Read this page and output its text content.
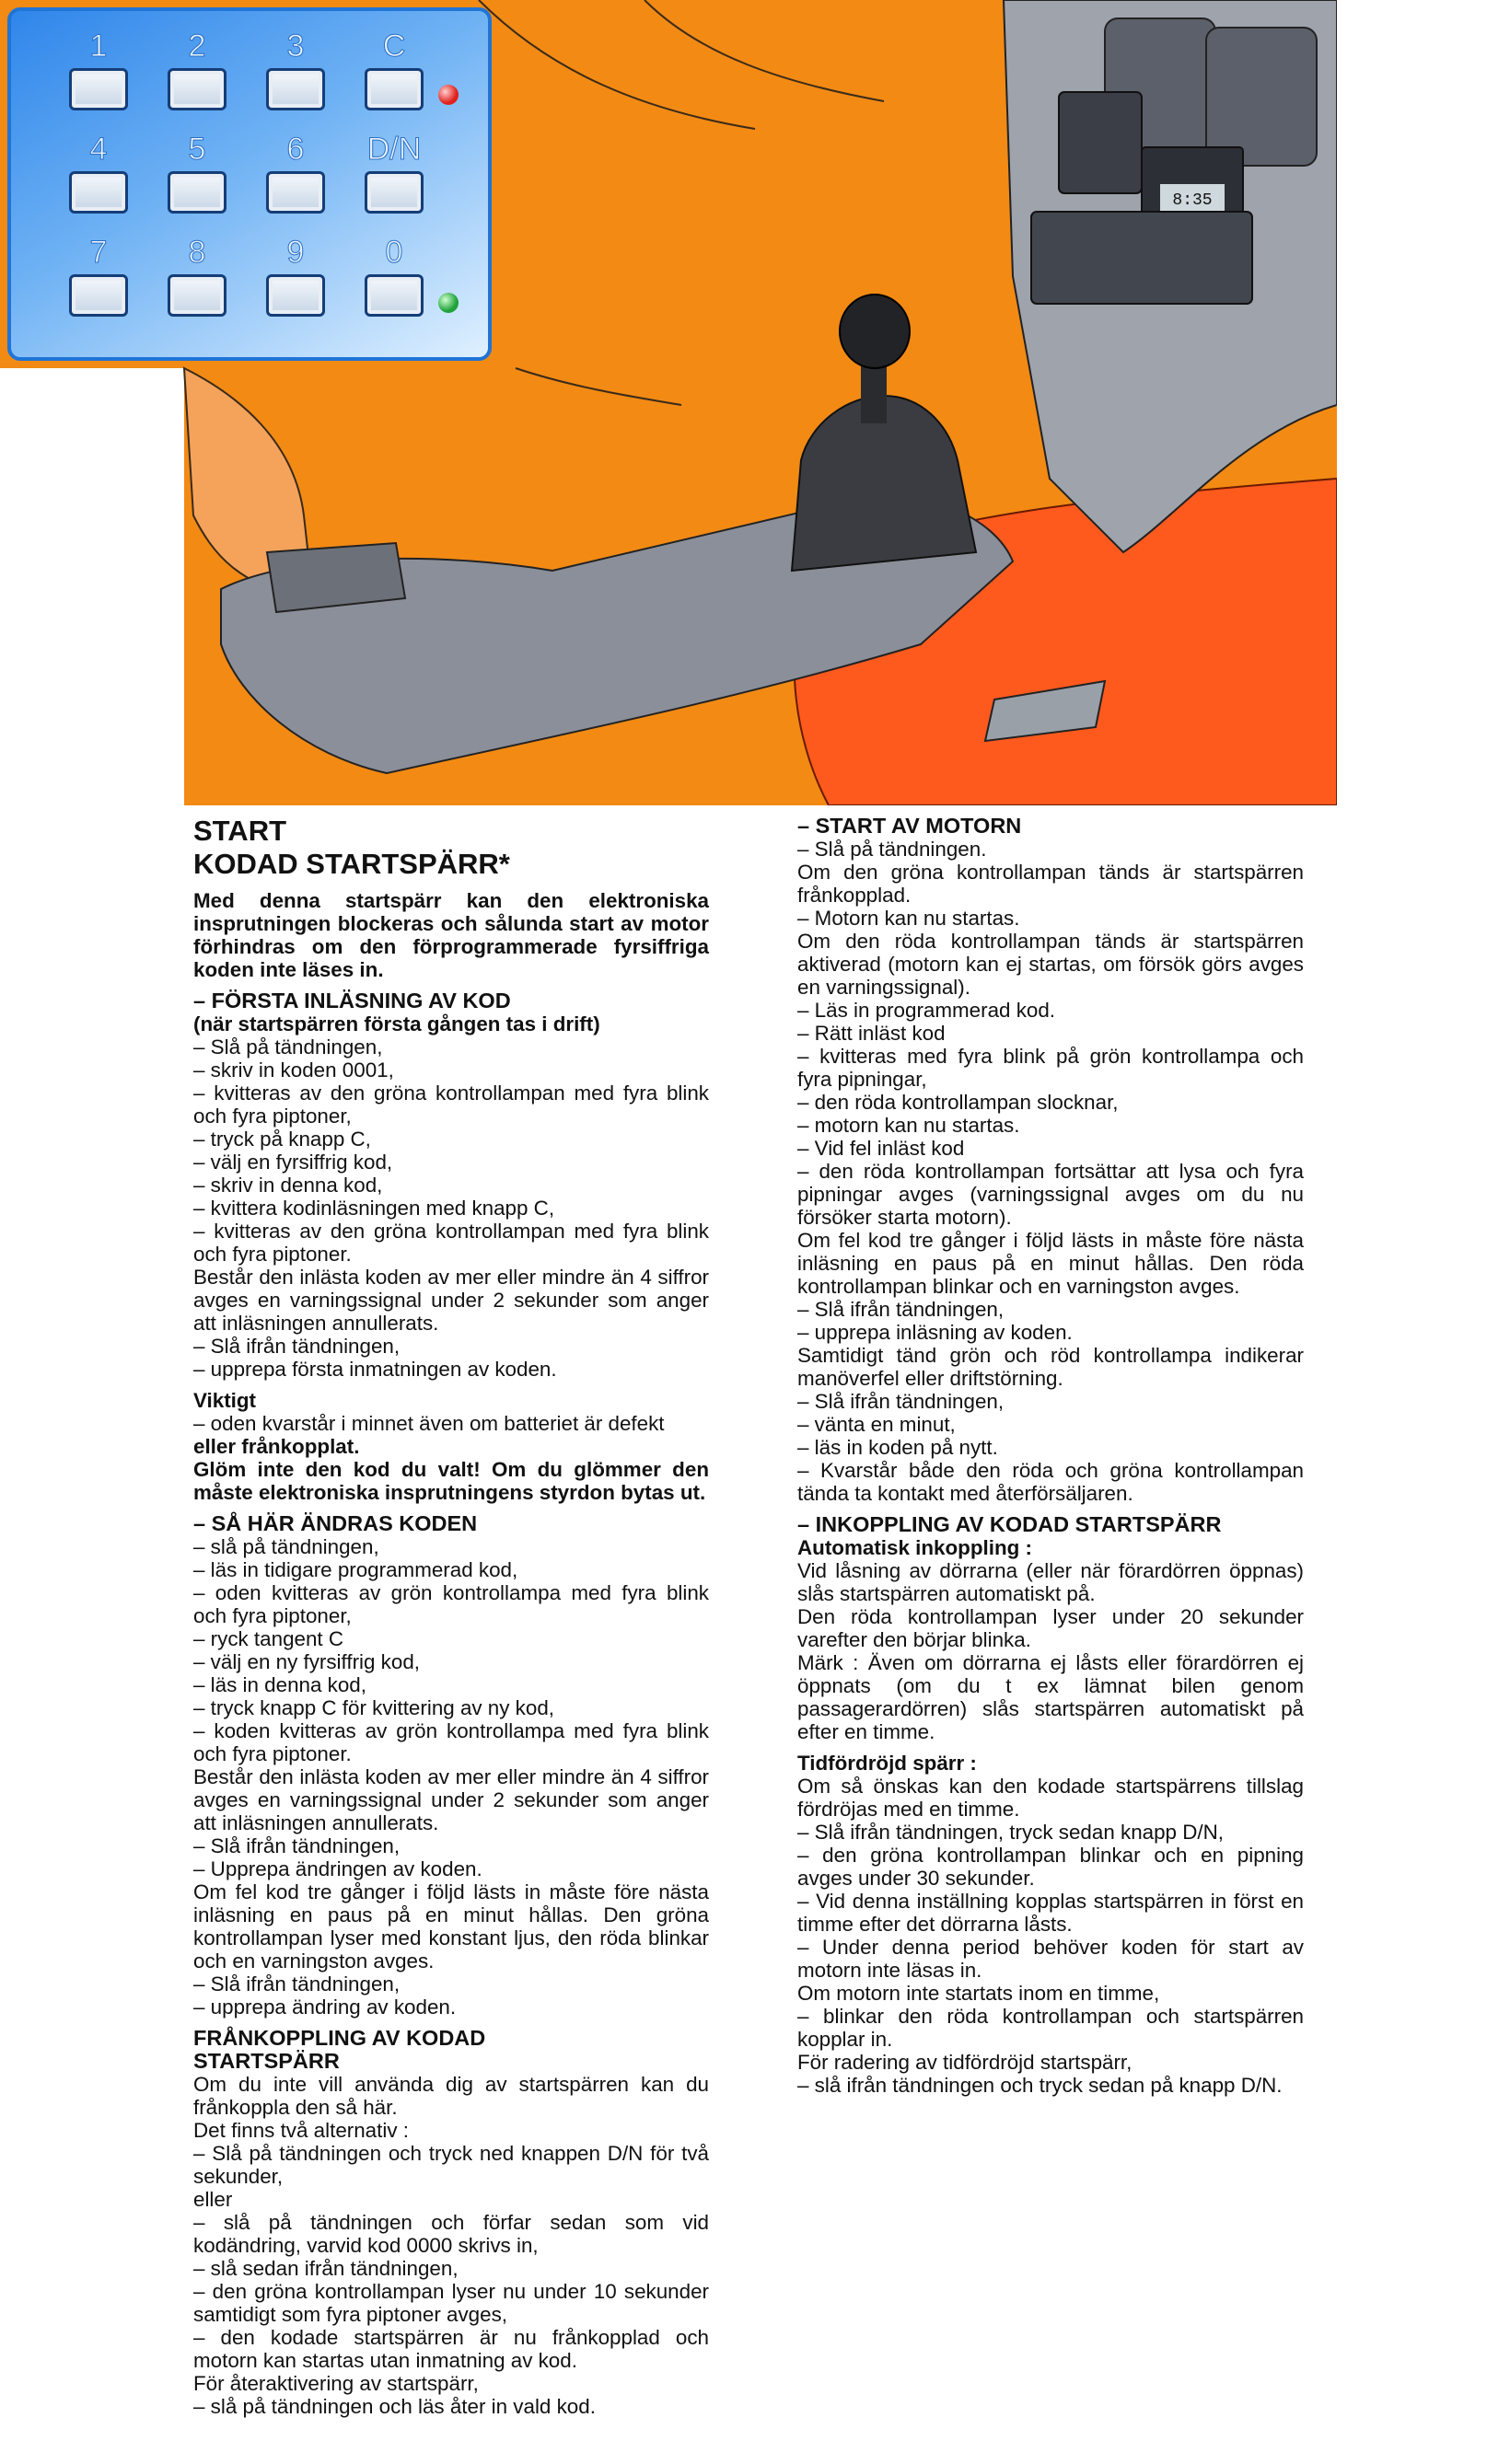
8:35
1	2	3	C
4	5	6	D/N
7	8	9	0

START

KODAD STARTSPÄRR*

Med denna startspärr kan den elektroniska insprutningen blockeras och sålunda start av motor förhindras om den förprogrammerade fyrsiffriga koden inte läses in.

– FÖRSTA INLÄSNING AV KOD

(när startspärren första gången tas i drift)

– Slå på tändningen,

– skriv in koden 0001,

– kvitteras av den gröna kontrollampan med fyra blink och fyra piptoner,

– tryck på knapp C,

– välj en fyrsiffrig kod,

– skriv in denna kod,

– kvittera kodinläsningen med knapp C,

– kvitteras av den gröna kontrollampan med fyra blink och fyra piptoner.

Består den inlästa koden av mer eller mindre än 4 siffror avges en varningssignal under 2 sekunder som anger att inläsningen annullerats.

– Slå ifrån tändningen,

– upprepa första inmatningen av koden.

Viktigt

– oden kvarstår i minnet även om batteriet är defekt

eller frånkopplat.

Glöm inte den kod du valt! Om du glömmer den måste elektroniska insprutningens styrdon bytas ut.

– SÅ HÄR ÄNDRAS KODEN

– slå på tändningen,

– läs in tidigare programmerad kod,

– oden kvitteras av grön kontrollampa med fyra blink och fyra piptoner,

– ryck tangent C

– välj en ny fyrsiffrig kod,

– läs in denna kod,

– tryck knapp C för kvittering av ny kod,

– koden kvitteras av grön kontrollampa med fyra blink och fyra piptoner.

Består den inlästa koden av mer eller mindre än 4 siffror avges en varningssignal under 2 sekunder som anger att inläsningen annullerats.

– Slå ifrån tändningen,

– Upprepa ändringen av koden.

Om fel kod tre gånger i följd lästs in måste före nästa inläsning en paus på en minut hållas. Den gröna kontrollampan lyser med konstant ljus, den röda blinkar och en varningston avges.

– Slå ifrån tändningen,

– upprepa ändring av koden.

FRÅNKOPPLING AV KODAD

STARTSPÄRR

Om du inte vill använda dig av startspärren kan du frånkoppla den så här.

Det finns två alternativ :

– Slå på tändningen och tryck ned knappen D/N för två sekunder,

eller

– slå på tändningen och förfar sedan som vid kodändring, varvid kod 0000 skrivs in,

– slå sedan ifrån tändningen,

– den gröna kontrollampan lyser nu under 10 sekunder samtidigt som fyra piptoner avges,

– den kodade startspärren är nu frånkopplad och motorn kan startas utan inmatning av kod.

För återaktivering av startspärr,

– slå på tändningen och läs åter in vald kod.

– START AV MOTORN

– Slå på tändningen.

Om den gröna kontrollampan tänds är startspärren frånkopplad.

– Motorn kan nu startas.

Om den röda kontrollampan tänds är startspärren aktiverad (motorn kan ej startas, om försök görs avges en varningssignal).

– Läs in programmerad kod.

– Rätt inläst kod

– kvitteras med fyra blink på grön kontrollampa och fyra pipningar,

– den röda kontrollampan slocknar,

– motorn kan nu startas.

– Vid fel inläst kod

– den röda kontrollampan fortsättar att lysa och fyra pipningar avges (varningssignal avges om du nu försöker starta motorn).

Om fel kod tre gånger i följd lästs in måste före nästa inläsning en paus på en minut hållas. Den röda kontrollampan blinkar och en varningston avges.

– Slå ifrån tändningen,

– upprepa inläsning av koden.

Samtidigt tänd grön och röd kontrollampa indikerar manöverfel eller driftstörning.

– Slå ifrån tändningen,

– vänta en minut,

– läs in koden på nytt.

– Kvarstår både den röda och gröna kontrollampan tända ta kontakt med återförsäljaren.

– INKOPPLING AV KODAD STARTSPÄRR

Automatisk inkoppling :

Vid låsning av dörrarna (eller när förardörren öppnas) slås startspärren automatiskt på.

Den röda kontrollampan lyser under 20 sekunder varefter den börjar blinka.

Märk : Även om dörrarna ej låsts eller förardörren ej öppnats (om du t ex lämnat bilen genom passagerardörren) slås startspärren automatiskt på efter en timme.

Tidfördröjd spärr :

Om så önskas kan den kodade startspärrens tillslag fördröjas med en timme.

– Slå ifrån tändningen, tryck sedan knapp D/N,

– den gröna kontrollampan blinkar och en pipning avges under 30 sekunder.

– Vid denna inställning kopplas startspärren in först en timme efter det dörrarna låsts.

– Under denna period behöver koden för start av motorn inte läsas in.

Om motorn inte startats inom en timme,

– blinkar den röda kontrollampan och startspärren kopplar in.

För radering av tidfördröjd startspärr,

– slå ifrån tändningen och tryck sedan på knapp D/N.
